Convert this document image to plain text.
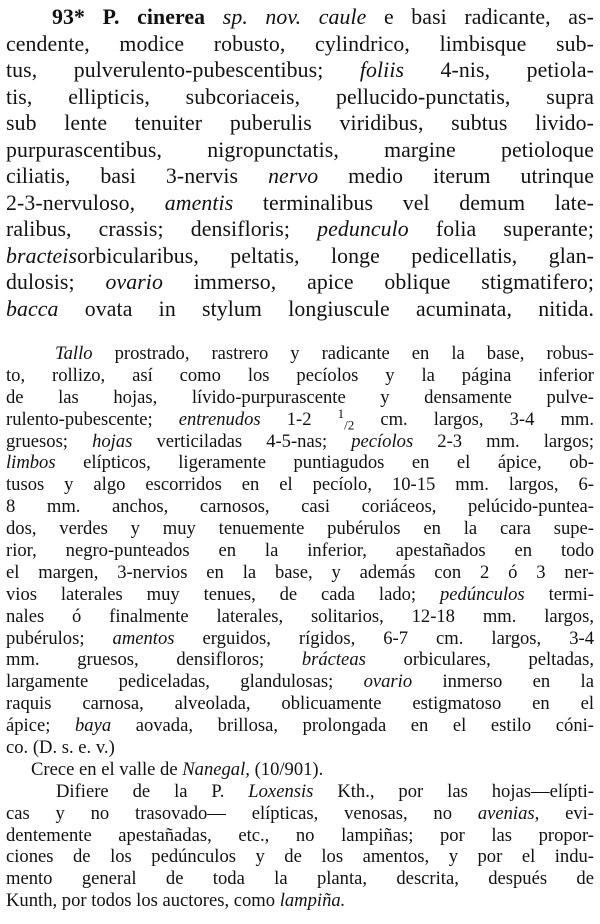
93* P. cinerea sp. nov. caule e basi radicante, as-
cendente, modice robusto, cylindrico, limbisque sub-
tus, pulverulento-pubescentibus; foliis 4-nis, petiola-
tis, ellipticis, subcoriaceis, pellucido-punctatis, supra
sub lente tenuiter puberulis viridibus, subtus livido-
purpurascentibus, nigropunctatis, margine petioloque
ciliatis, basi 3-nervis nervo medio iterum utrinque
2-3-nervuloso, amentis terminalibus vel demum late-
ralibus, crassis; densifloris; pedunculo folia superante;
bracteisorbicularibus, peltatis, longe pedicellatis, glan-
dulosis; ovario immerso, apice oblique stigmatifero;
bacca ovata in stylum longiuscule acuminata, nitida.
Tallo prostrado, rastrero y radicante en la base, robus-
to, rollizo, así como los pecíolos y la página inferior
de las hojas, lívido-purpurascente y densamente pulve-
rulento-pubescente; entrenudos 1-2 $^1_{/2}$ cm. largos, 3-4 mm.
gruesos; hojas verticiladas 4-5-nas; pecíolos 2-3 mm. largos;
limbos elípticos, ligeramente puntiagudos en el ápice, ob-
tusos y algo escorridos en el pecíolo, 10-15 mm. largos, 6-
8 mm. anchos, carnosos, casi coriáceos, pelúcido-puntea-
dos, verdes y muy tenuemente pubérulos en la cara supe-
rior, negro-punteados en la inferior, apestañados en todo
el margen, 3-nervios en la base, y además con 2 ó 3 ner-
vios laterales muy tenues, de cada lado; pedúnculos termi-
nales ó finalmente laterales, solitarios, 12-18 mm. largos,
pubérulos; amentos erguidos, rígidos, 6-7 cm. largos, 3-4
mm. gruesos, densifloros; brácteas orbiculares, peltadas,
largamente pediceladas, glandulosas; ovario inmerso en la
raquis carnosa, alveolada, oblicuamente estigmatoso en el
ápice; baya aovada, brillosa, prolongada en el estilo cóni-
co. (D. s. e. v.)
Crece en el valle de Nanegal, (10/901).
Difiere de la P. Loxensis Kth., por las hojas—elípti-
cas y no trasovado— elípticas, venosas, no avenias, evi-
dentemente apestañadas, etc., no lampiñas; por las propor-
ciones de los pedúnculos y de los amentos, y por el indu-
mento general de toda la planta, descrita, después de
Kunth, por todos los auctores, como lampiña.
